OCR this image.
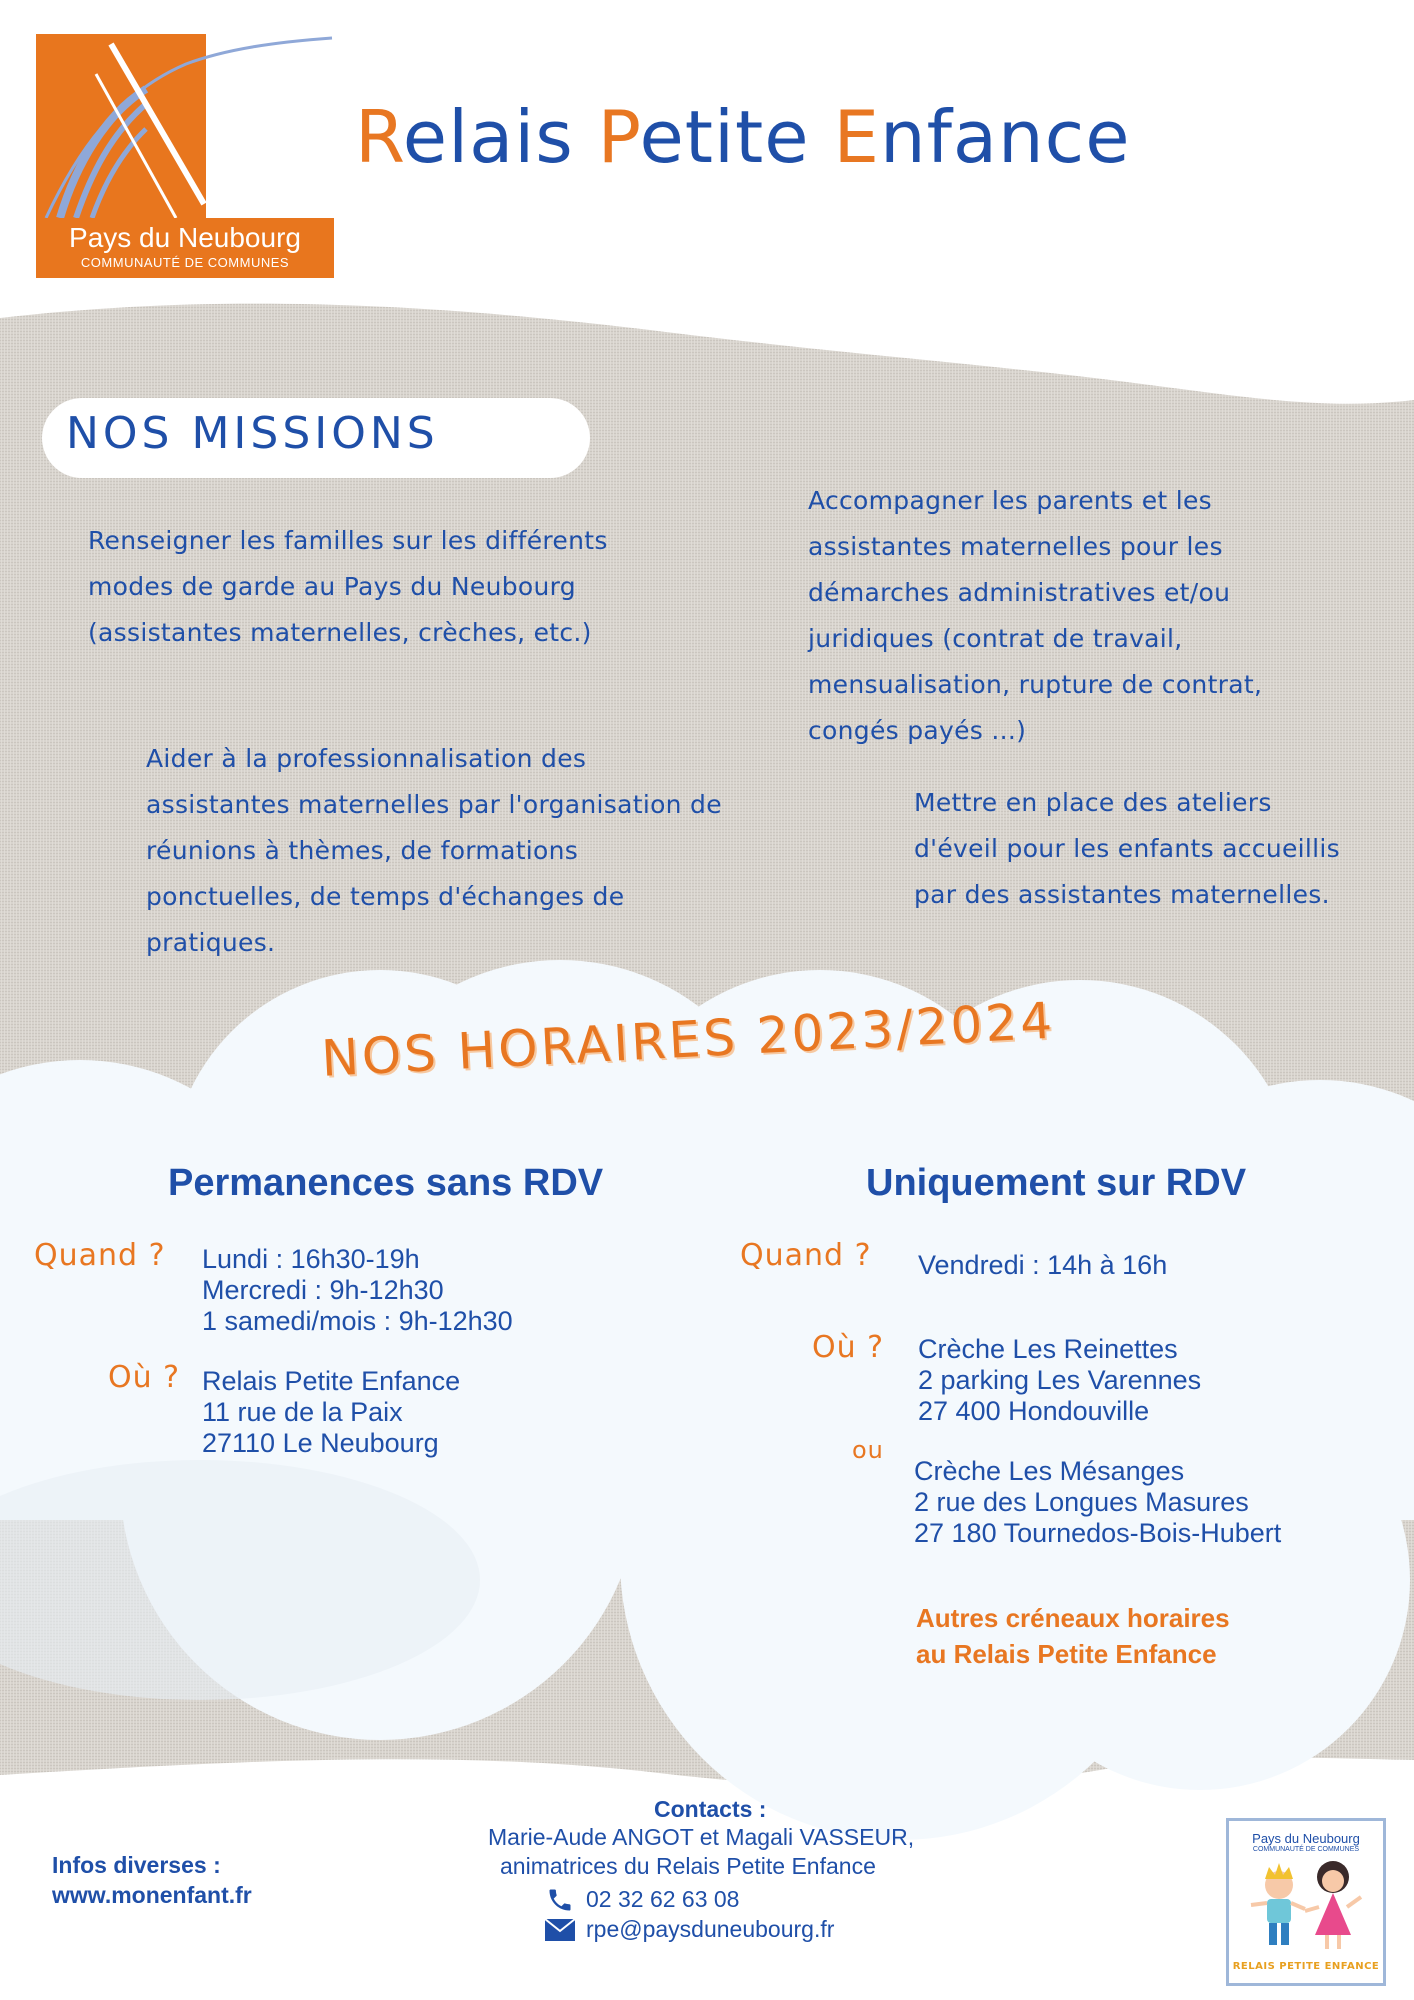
Pays du Neubourg
COMMUNAUTÉ DE COMMUNES
Relais Petite Enfance
NOS MISSIONS
Renseigner les familles sur les différents
modes de garde au Pays du Neubourg
(assistantes maternelles, crèches, etc.)
Accompagner les parents et les
assistantes maternelles pour les
démarches administratives et/ou
juridiques (contrat de travail,
mensualisation, rupture de contrat,
congés payés ...)
Aider à la professionnalisation des
assistantes maternelles par l'organisation de
réunions à thèmes, de formations
ponctuelles, de temps d'échanges de
pratiques.
Mettre en place des ateliers
d'éveil pour les enfants accueillis
par des assistantes maternelles.
NOS HORAIRES 2023/2024
Permanences sans RDV	Uniquement sur RDV
Quand ? Lundi : 16h30-19h
Mercredi : 9h-12h30
1 samedi/mois : 9h-12h30
Où ? Relais Petite Enfance
11 rue de la Paix
27110 Le Neubourg
Quand ? Vendredi : 14h à 16h
Où ? Crèche Les Reinettes
2 parking Les Varennes
27 400 Hondouville
ou
Crèche Les Mésanges
2 rue des Longues Masures
27 180 Tournedos-Bois-Hubert
Autres créneaux horaires
au Relais Petite Enfance
Infos diverses :
www.monenfant.fr
Contacts :
Marie-Aude ANGOT et Magali VASSEUR,
animatrices du Relais Petite Enfance
02 32 62 63 08
rpe@paysduneubourg.fr
Pays du Neubourg
COMMUNAUTÉ DE COMMUNES
RELAIS PETITE ENFANCE
